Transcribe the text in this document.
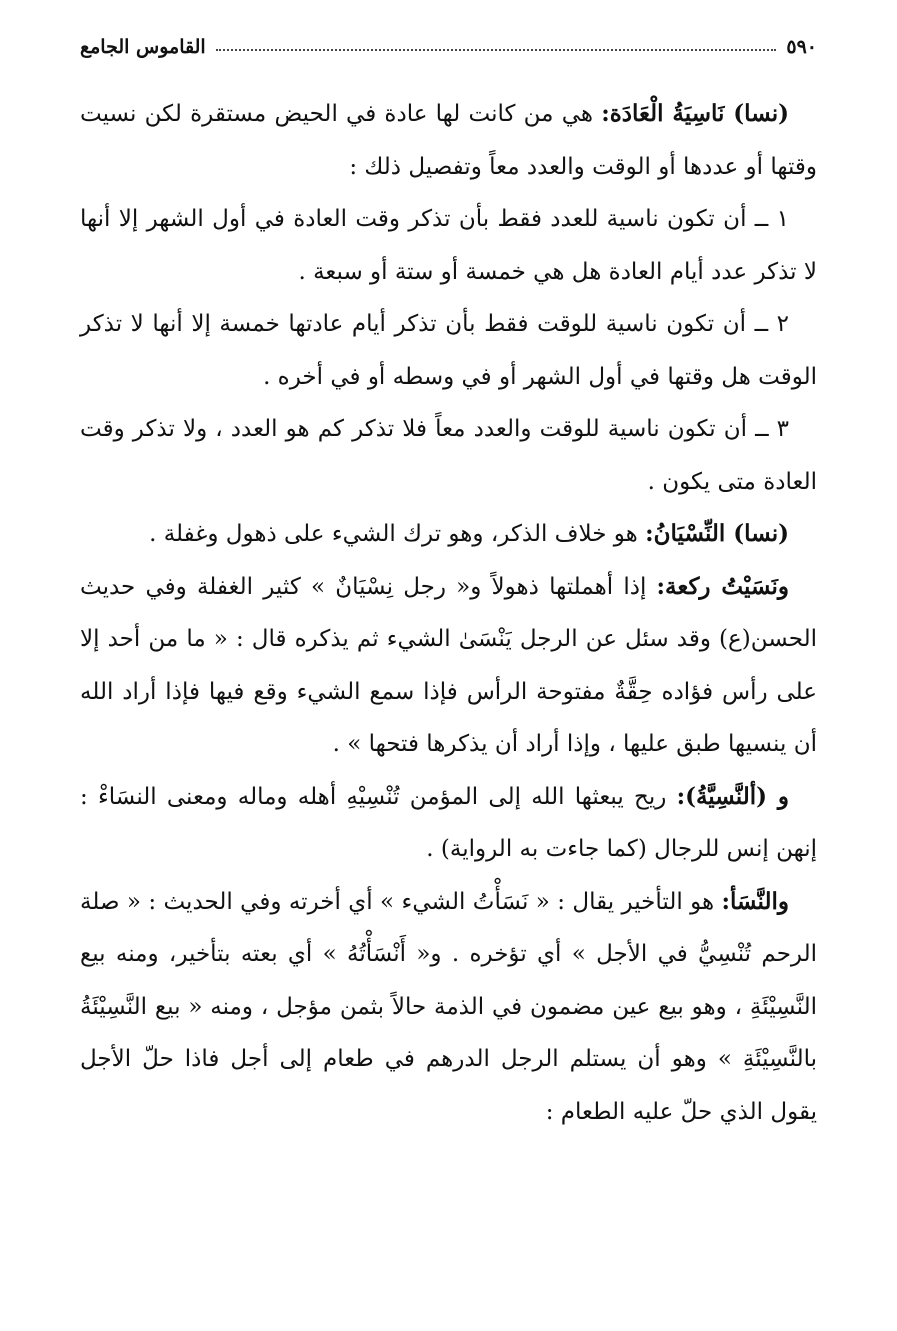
٥٩٠
القاموس الجامع

(نسا) نَاسِيَةُ الْعَادَة: هي من كانت لها عادة في الحيض مستقرة لكن نسيت وقتها أو عددها أو الوقت والعدد معاً وتفصيل ذلك :

١ ــ أن تكون ناسية للعدد فقط بأن تذكر وقت العادة في أول الشهر إلا أنها لا تذكر عدد أيام العادة هل هي خمسة أو ستة أو سبعة .

٢ ــ أن تكون ناسية للوقت فقط بأن تذكر أيام عادتها خمسة إلا أنها لا تذكر الوقت هل وقتها في أول الشهر أو في وسطه أو في أخره .

٣ ــ أن تكون ناسية للوقت والعدد معاً فلا تذكر كم هو العدد ، ولا تذكر وقت العادة متى يكون .

(نسا) النِّسْيَانُ: هو خلاف الذكر، وهو ترك الشيء على ذهول وغفلة .

ونَسَيْتُ ركعة: إذا أهملتها ذهولاً و« رجل نِسْيَانٌ » كثير الغفلة وفي حديث الحسن(ع) وقد سئل عن الرجل يَنْسَىٰ الشيء ثم يذكره قال : « ما من أحد إلا على رأس فؤاده حِقَّةٌ مفتوحة الرأس فإذا سمع الشيء وقع فيها فإذا أراد الله أن ينسيها طبق عليها ، وإذا أراد أن يذكرها فتحها » .

و (ألنَّسِيَّةُ): ريح يبعثها الله إلى المؤمن تُنْسِيْهِ أهله وماله ومعنى النسَاءْ : إنهن إنس للرجال (كما جاءت به الرواية) .

والنَّسَأ: هو التأخير يقال : « نَسَأْتُ الشيء » أي أخرته وفي الحديث : « صلة الرحم تُنْسِيُّ في الأجل » أي تؤخره . و« أَنْسَأْتُهُ » أي بعته بتأخير، ومنه بيع النَّسِيْئَةِ ، وهو بيع عين مضمون في الذمة حالاً بثمن مؤجل ، ومنه « بيع النَّسِيْئَةُ بالنَّسِيْئَةِ » وهو أن يستلم الرجل الدرهم في طعام إلى أجل فاذا حلّ الأجل يقول الذي حلّ عليه الطعام :
